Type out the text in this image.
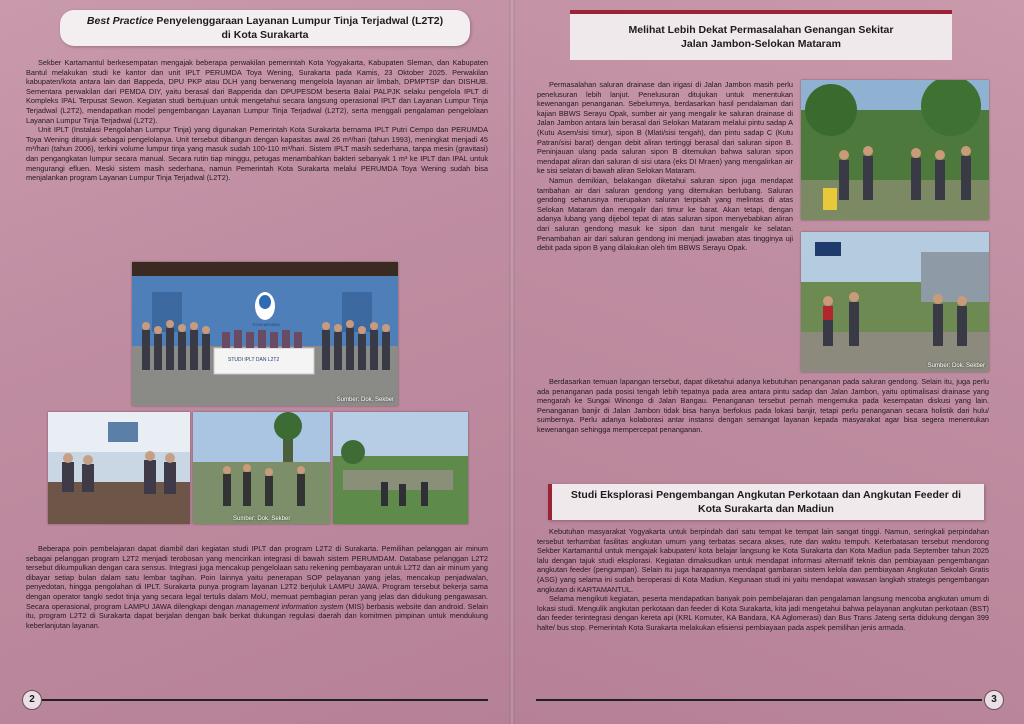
Best Practice Penyelenggaraan Layanan Lumpur Tinja Terjadwal (L2T2)
di Kota Surakarta

Sekber Kartamantul berkesempatan mengajak beberapa perwakilan pemerintah Kota Yogyakarta, Kabupaten Sleman, dan Kabupaten Bantul melakukan studi ke kantor dan unit IPLT PERUMDA Toya Wening, Surakarta pada Kamis, 23 Oktober 2025. Perwakilan kabupaten/kota antara lain dari Bappeda, DPU PKP atau DLH yang berwenang mengelola layanan air limbah, DPMPTSP dan DISHUB. Sementara perwakilan dari PEMDA DIY, yaitu berasal dari Bapperida dan DPUPESDM beserta Balai PALPJK selaku pengelola IPLT di Kompleks IPAL Terpusat Sewon. Kegiatan studi bertujuan untuk mengetahui secara langsung operasional IPLT dan Layanan Lumpur Tinja Terjadwal (L2T2), mendapatkan model pengembangan Layanan Lumpur Tinja Terjadwal (L2T2), serta menggali pengalaman pengelolaan Layanan Lumpur Tinja Terjadwal (L2T2).

Unit IPLT (Instalasi Pengolahan Lumpur Tinja) yang digunakan Pemerintah Kota Surakarta bernama IPLT Putri Cempo dan PERUMDA Toya Wening ditunjuk sebagai pengelolanya. Unit tersebut dibangun dengan kapasitas awal 26 m³/hari (tahun 1993), meningkat menjadi 45 m³/hari (tahun 2006), terkini volume lumpur tinja yang masuk sudah 100-110 m³/hari. Sistem IPLT masih sederhana, tanpa mesin (gravitasi) dan pengangkatan lumpur secara manual. Secara rutin tiap minggu, petugas menambahkan bakteri sebanyak 1 m³ ke IPLT dan IPAL untuk mengurangi efluen. Meski sistem masih sederhana, namun Pemerintah Kota Surakarta melalui PERUMDA Toya Wening sudah bisa menjalankan program Layanan Lumpur Tinja Terjadwal (L2T2).

STUDI IPLT DAN L2T2
TOYA WENING
Sumber: Dok. Sekber
Sumber: Dok. Sekber

Beberapa poin pembelajaran dapat diambil dari kegiatan studi IPLT dan program L2T2 di Surakarta. Pemilihan pelanggan air minum sebagai pelanggan program L2T2 menjadi terobosan yang mencirikan integrasi di bawah sistem PERUMDAM. Database pelanggan L2T2 tersebut dikumpulkan dengan cara sensus. Integrasi juga mencakup pengelolaan satu rekening pembayaran untuk L2T2 dan air minum yang dibayar setiap bulan dalam satu lembar tagihan. Poin lainnya yaitu penerapan SOP pelayanan yang jelas, mencakup penjadwalan, penyedotan, hingga pengolahan di IPLT. Surakarta punya program layanan L2T2 berjuluk LAMPU JAWA. Program tersebut bekerja sama dengan operator tangki sedot tinja yang secara legal tertulis dalam MoU, memuat pembagian peran yang jelas dan didukung pengawasan. Secara operasional, program LAMPU JAWA dilengkapi dengan management information system (MIS) berbasis website dan android. Selain itu, program L2T2 di Surakarta dapat berjalan dengan baik berkat dukungan regulasi daerah dan komitmen pimpinan untuk mendukung keberlanjutan layanan.

2
Melihat Lebih Dekat Permasalahan Genangan Sekitar
Jalan Jambon-Selokan Mataram

Permasalahan saluran drainase dan irigasi di Jalan Jambon masih perlu penelusuran lebih lanjut. Penelusuran ditujukan untuk menentukan kewenangan penanganan. Sebelumnya, berdasarkan hasil pendalaman dari kajian BBWS Serayu Opak, sumber air yang mengalir ke saluran drainase di Jalan Jambon antara lain berasal dari Selokan Mataram melalui pintu sadap A (Kutu Asem/sisi timur), sipon B (Mlati/sisi tengah), dan pintu sadap C (Kutu Patran/sisi barat) dengan debit aliran tertinggi berasal dari saluran sipon B. Peninjauan ulang pada saluran sipon B ditemukan bahwa saluran sipon mendapat aliran dari saluran di sisi utara (eks DI Mraen) yang mengalirkan air ke sisi selatan di bawah aliran Selokan Mataram.

Namun demikian, belakangan diketahui saluran sipon juga mendapat tambahan air dari saluran gendong yang ditemukan berlubang. Saluran gendong seharusnya merupakan saluran terpisah yang melintas di atas Selokan Mataram dan mengalir dari timur ke barat. Akan tetapi, dengan adanya lubang yang dijebol tepat di atas saluran sipon menyebabkan aliran dari saluran gendong masuk ke sipon dan turut mengalir ke selatan. Penambahan air dari saluran gendong ini menjadi jawaban atas tingginya uji debit pada sipon B yang dilakukan oleh tim BBWS Serayu Opak.

Sumber: Dok. Sekber

Berdasarkan temuan lapangan tersebut, dapat diketahui adanya kebutuhan penanganan pada saluran gendong. Selain itu, juga perlu ada penanganan pada posisi tengah lebih tepatnya pada area antara pintu sadap dan Jalan Jambon, yaitu optimalisasi drainase yang mengarah ke Sungai Winongo di Jalan Bangau. Penanganan tersebut pernah mengemuka pada kesempatan diskusi yang lain. Penanganan banjir di Jalan Jambon tidak bisa hanya berfokus pada lokasi banjir, tetapi perlu penanganan secara holistik dari hulu/ sumbernya. Perlu adanya kolaborasi antar instansi dengan semangat layanan kepada masyarakat agar bisa segera menentukan kewenangan sehingga mempercepat penanganan.

Studi Eksplorasi Pengembangan Angkutan Perkotaan dan Angkutan Feeder di
Kota Surakarta dan Madiun

Kebutuhan masyarakat Yogyakarta untuk berpindah dari satu tempat ke tempat lain sangat tinggi. Namun, seringkali perpindahan tersebut terhambat fasilitas angkutan umum yang terbatas secara akses, rute dan waktu tempuh. Keterbatasan tersebut mendorong Sekber Kartamantul untuk mengajak kabupaten/ kota belajar langsung ke Kota Surakarta dan Kota Madiun pada September tahun 2025 lalu dengan tajuk studi eksplorasi. Kegiatan dimaksudkan untuk mendapat informasi alternatif teknis dan pembiayaan pengembangan angkutan feeder (pengumpan). Selain itu juga harapannya mendapat gambaran sistem kelola dan pembiayaan Angkutan Sekolah Gratis (ASG) yang selama ini sudah beroperasi di Kota Madiun. Kegunaan studi ini yaitu mendapat wawasan langkah strategis pengembangan angkutan di KARTAMANTUL.

Selama mengikuti kegiatan, peserta mendapatkan banyak poin pembelajaran dan pengalaman langsung mencoba angkutan umum di lokasi studi. Mengulik angkutan perkotaan dan feeder di Kota Surakarta, kita jadi mengetahui bahwa pelayanan angkutan perkotaan (BST) dan feeder terintegrasi dengan kereta api (KRL Komuter, KA Bandara, KA Aglomerasi) dan Bus Trans Jateng serta didukung dengan 399 halte/ bus stop. Pemerintah Kota Surakarta melakukan efisiensi pembiayaan pada aspek pemilihan jenis armada.

3
